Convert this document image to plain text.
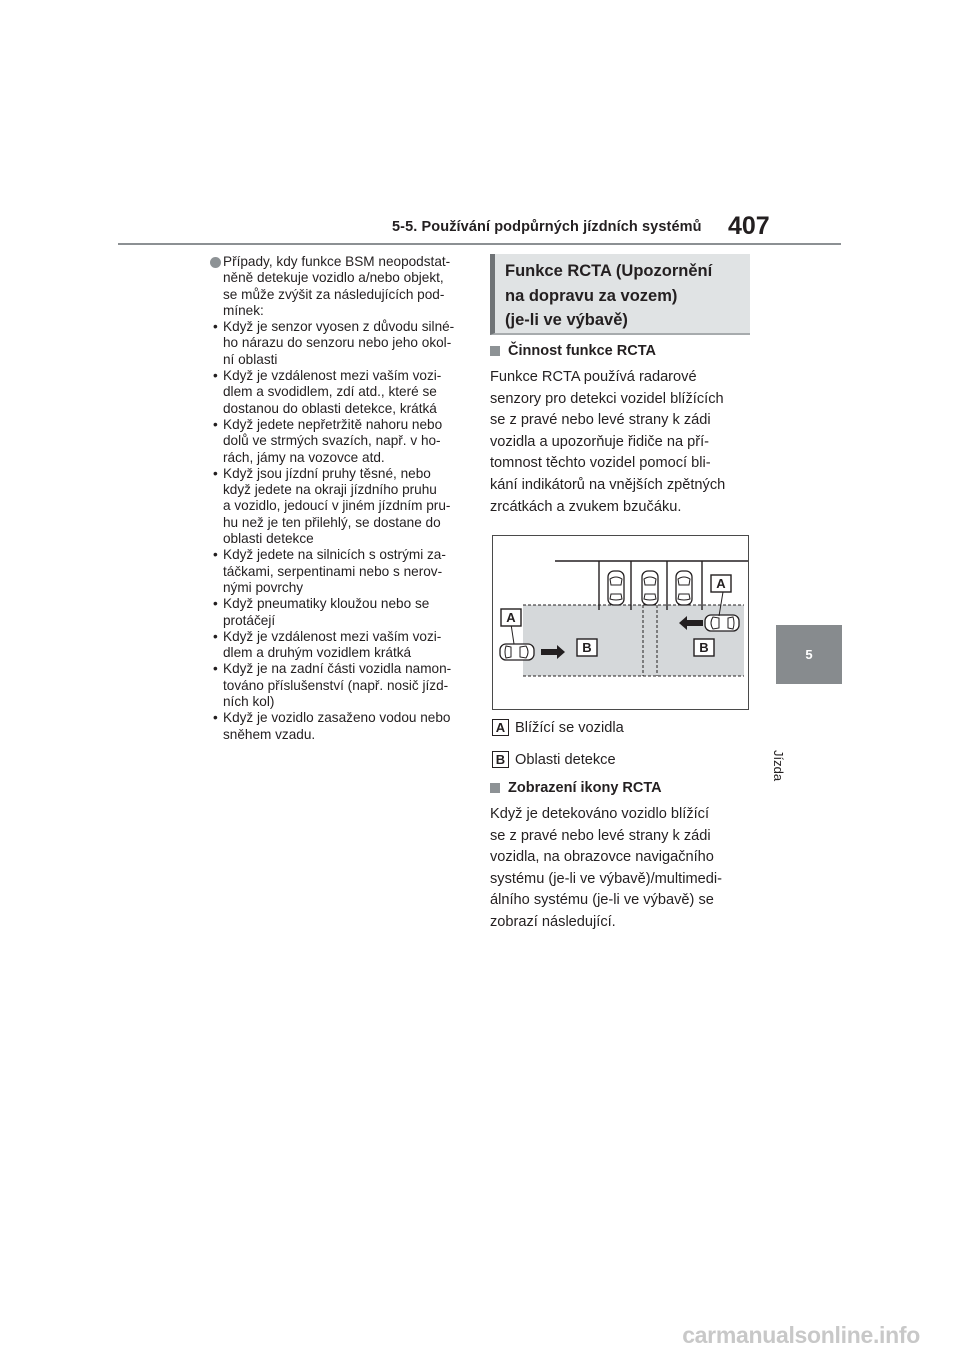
5-5. Používání podpůrných jízdních systémů 407
5
Jízda
Případy, kdy funkce BSM neopodstat-
něně detekuje vozidlo a/nebo objekt,
se může zvýšit za následujících pod-
mínek:
• Když je senzor vyosen z důvodu silné-
ho nárazu do senzoru nebo jeho okol-
ní oblasti
• Když je vzdálenost mezi vaším vozi-
dlem a svodidlem, zdí atd., které se
dostanou do oblasti detekce, krátká
• Když jedete nepřetržitě nahoru nebo
dolů ve strmých svazích, např. v ho-
rách, jámy na vozovce atd.
• Když jsou jízdní pruhy těsné, nebo
když jedete na okraji jízdního pruhu
a vozidlo, jedoucí v jiném jízdním pru-
hu než je ten přilehlý, se dostane do
oblasti detekce
• Když jedete na silnicích s ostrými za-
táčkami, serpentinami nebo s nerov-
nými povrchy
• Když pneumatiky kloužou nebo se
protáčejí
• Když je vzdálenost mezi vaším vozi-
dlem a druhým vozidlem krátká
• Když je na zadní části vozidla namon-
továno příslušenství (např. nosič jízd-
ních kol)
• Když je vozidlo zasaženo vodou nebo
sněhem vzadu.
Funkce RCTA (Upozornění
na dopravu za vozem)
(je-li ve výbavě)
Činnost funkce RCTA
Funkce RCTA používá radarové
senzory pro detekci vozidel blížících
se z pravé nebo levé strany k zádi
vozidla a upozorňuje řidiče na pří-
tomnost těchto vozidel pomocí bli-
kání indikátorů na vnějších zpětných
zrcátkách a zvukem bzučáku.
Zobrazení ikony RCTA
Když je detekováno vozidlo blížící
se z pravé nebo levé strany k zádi
vozidla, na obrazovce navigačního
systému (je-li ve výbavě)/multimedi-
álního systému (je-li ve výbavě) se
zobrazí následující.
A
A
B	B
A Blížící se vozidla
B Oblasti detekce
carmanualsonline.info
